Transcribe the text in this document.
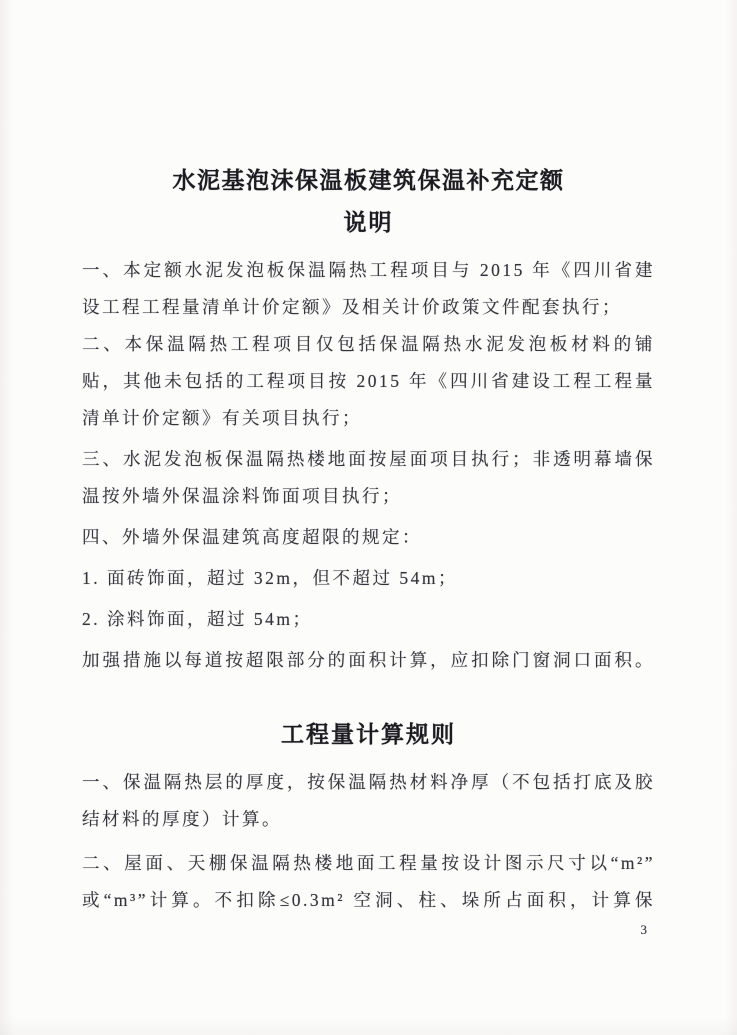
水泥基泡沫保温板建筑保温补充定额
说明
一、本定额水泥发泡板保温隔热工程项目与 2015 年《四川省建
设工程工程量清单计价定额》及相关计价政策文件配套执行；
二、本保温隔热工程项目仅包括保温隔热水泥发泡板材料的铺
贴，其他未包括的工程项目按 2015 年《四川省建设工程工程量
清单计价定额》有关项目执行；
三、水泥发泡板保温隔热楼地面按屋面项目执行；非透明幕墙保
温按外墙外保温涂料饰面项目执行；
四、外墙外保温建筑高度超限的规定：
1. 面砖饰面，超过 32m，但不超过 54m；
2. 涂料饰面，超过 54m；
加强措施以每道按超限部分的面积计算，应扣除门窗洞口面积。
工程量计算规则
一、保温隔热层的厚度，按保温隔热材料净厚（不包括打底及胶
结材料的厚度）计算。
二、屋面、天棚保温隔热楼地面工程量按设计图示尺寸以“m²”
或“m³”计算。不扣除≤0.3m² 空洞、柱、垛所占面积，计算保
3
